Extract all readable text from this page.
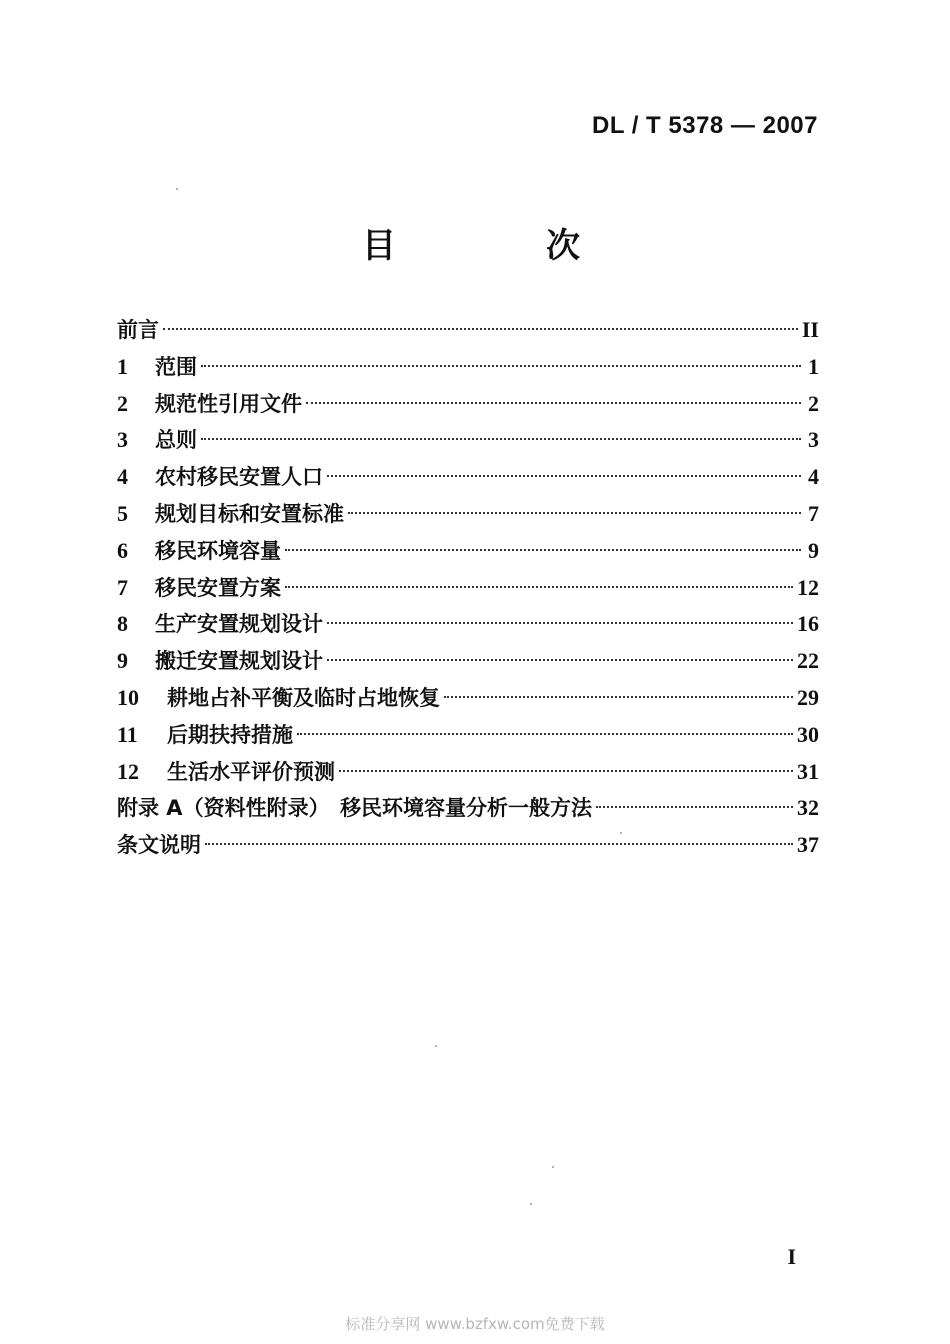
DL / T 5378 — 2007
目　次
前言	II
1	范围	1
2	规范性引用文件	2
3	总则	3
4	农村移民安置人口	4
5	规划目标和安置标准	7
6	移民环境容量	9
7	移民安置方案	12
8	生产安置规划设计	16
9	搬迁安置规划设计	22
10	耕地占补平衡及临时占地恢复	29
11	后期扶持措施	30
12	生活水平评价预测	31
附录 A（资料性附录）　移民环境容量分析一般方法	32
条文说明	37
I
标准分享网 www.bzfxw.com免费下载
